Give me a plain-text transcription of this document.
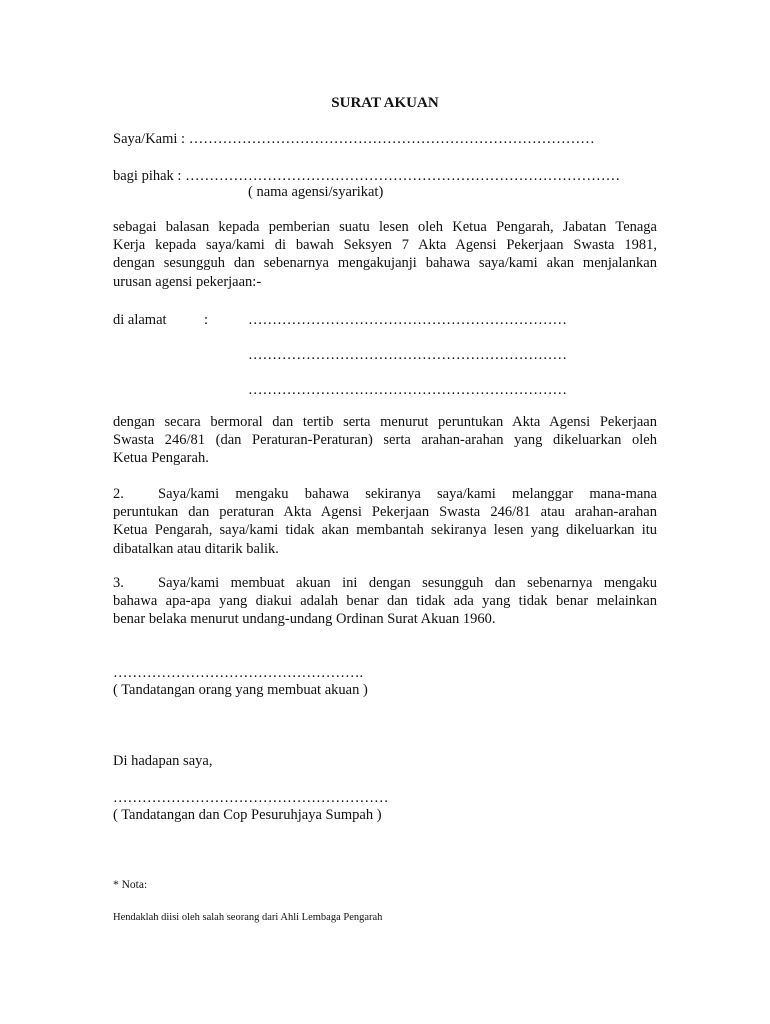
SURAT AKUAN
Saya/Kami : …………………………………………………………………………
bagi pihak : ………………………………………………………………………………
( nama agensi/syarikat)
sebagai balasan kepada pemberian suatu lesen oleh Ketua Pengarah, Jabatan Tenaga
Kerja kepada saya/kami di bawah Seksyen 7 Akta Agensi Pekerjaan Swasta 1981,
dengan sesungguh dan sebenarnya mengakujanji bahawa saya/kami akan menjalankan
urusan agensi pekerjaan:-
di alamat	:	…………………………………………………………
…………………………………………………………
…………………………………………………………
dengan secara bermoral dan tertib serta menurut peruntukan Akta Agensi Pekerjaan
Swasta 246/81 (dan Peraturan-Peraturan) serta arahan-arahan yang dikeluarkan oleh
Ketua Pengarah.
2. Saya/kami mengaku bahawa sekiranya saya/kami melanggar mana-mana
peruntukan dan peraturan Akta Agensi Pekerjaan Swasta 246/81 atau arahan-arahan
Ketua Pengarah, saya/kami tidak akan membantah sekiranya lesen yang dikeluarkan itu
dibatalkan atau ditarik balik.
3. Saya/kami membuat akuan ini dengan sesungguh dan sebenarnya mengaku
bahawa apa-apa yang diakui adalah benar dan tidak ada yang tidak benar melainkan
benar belaka menurut undang-undang Ordinan Surat Akuan 1960.
…………………………………………….
( Tandatangan orang yang membuat akuan )
Di hadapan saya,
…………………………………………………
( Tandatangan dan Cop Pesuruhjaya Sumpah )
* Nota:
Hendaklah diisi oleh salah seorang dari Ahli Lembaga Pengarah
